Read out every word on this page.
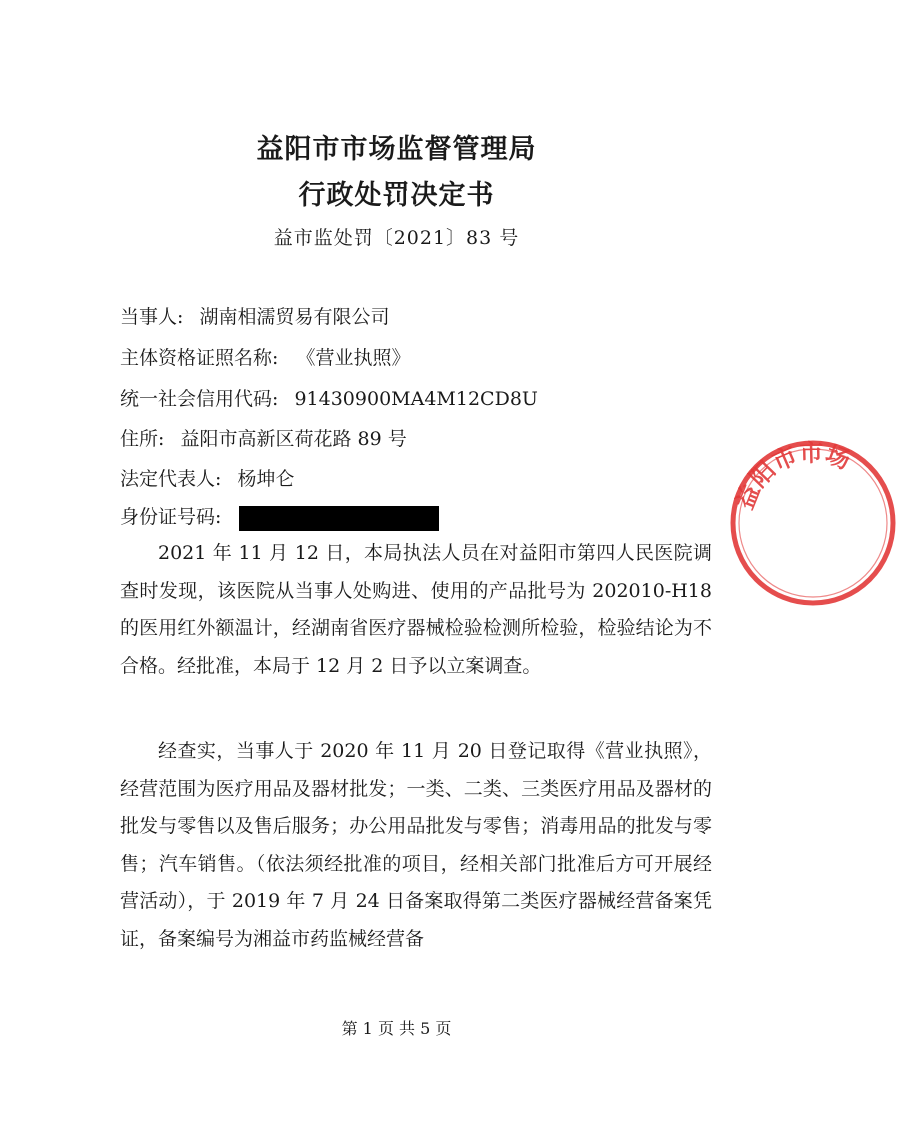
益阳市市场监督管理局
行政处罚决定书
益市监处罚〔2021〕83 号
当事人: 湖南相濡贸易有限公司
主体资格证照名称: 《营业执照》
统一社会信用代码: 91430900MA4M12CD8U
住所: 益阳市高新区荷花路 89 号
法定代表人: 杨坤仑
身份证号码:

2021 年 11 月 12 日，本局执法人员在对益阳市第四人民医院调查时发现，该医院从当事人处购进、使用的产品批号为 202010-H18 的医用红外额温计，经湖南省医疗器械检验检测所检验，检验结论为不合格。经批准，本局于 12 月 2 日予以立案调查。

经查实，当事人于 2020 年 11 月 20 日登记取得《营业执照》，经营范围为医疗用品及器材批发；一类、二类、三类医疗用品及器材的批发与零售以及售后服务；办公用品批发与零售；消毒用品的批发与零售；汽车销售。（依法须经批准的项目，经相关部门批准后方可开展经营活动），于 2019 年 7 月 24 日备案取得第二类医疗器械经营备案凭证，备案编号为湘益市药监械经营备

第 1 页 共 5 页
益阳市市场
